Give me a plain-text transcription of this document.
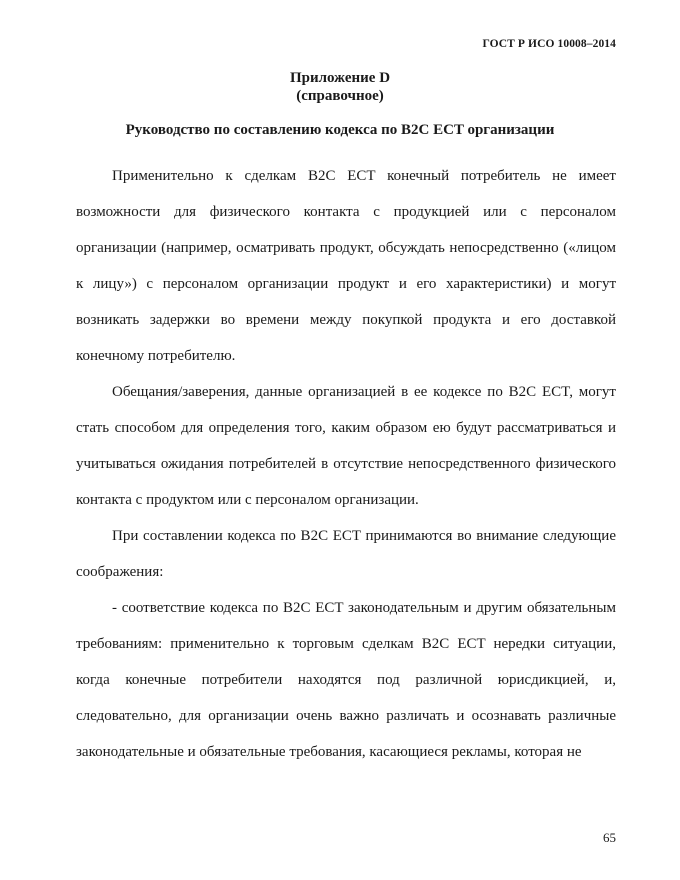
ГОСТ Р ИСО 10008–2014
Приложение D
(справочное)
Руководство по составлению кодекса по B2C ECT организации

Применительно к сделкам B2C ECT конечный потребитель не имеет возможности для физического контакта с продукцией или с персоналом организации (например, осматривать продукт, обсуждать непосредственно («лицом к лицу») с персоналом организации продукт и его характеристики) и могут возникать задержки во времени между покупкой продукта и его доставкой конечному потребителю.

Обещания/заверения, данные организацией в ее кодексе по B2C ECT, могут стать способом для определения того, каким образом ею будут рассматриваться и учитываться ожидания потребителей в отсутствие непосредственного физического контакта с продуктом или с персоналом организации.

При составлении кодекса по B2C ECT принимаются во внимание следующие соображения:

- соответствие кодекса по B2C ECT законодательным и другим обязательным требованиям: применительно к торговым сделкам B2C ECT нередки ситуации, когда конечные потребители находятся под различной юрисдикцией, и, следовательно, для организации очень важно различать и осознавать различные законодательные и обязательные требования, касающиеся рекламы, которая не

65
